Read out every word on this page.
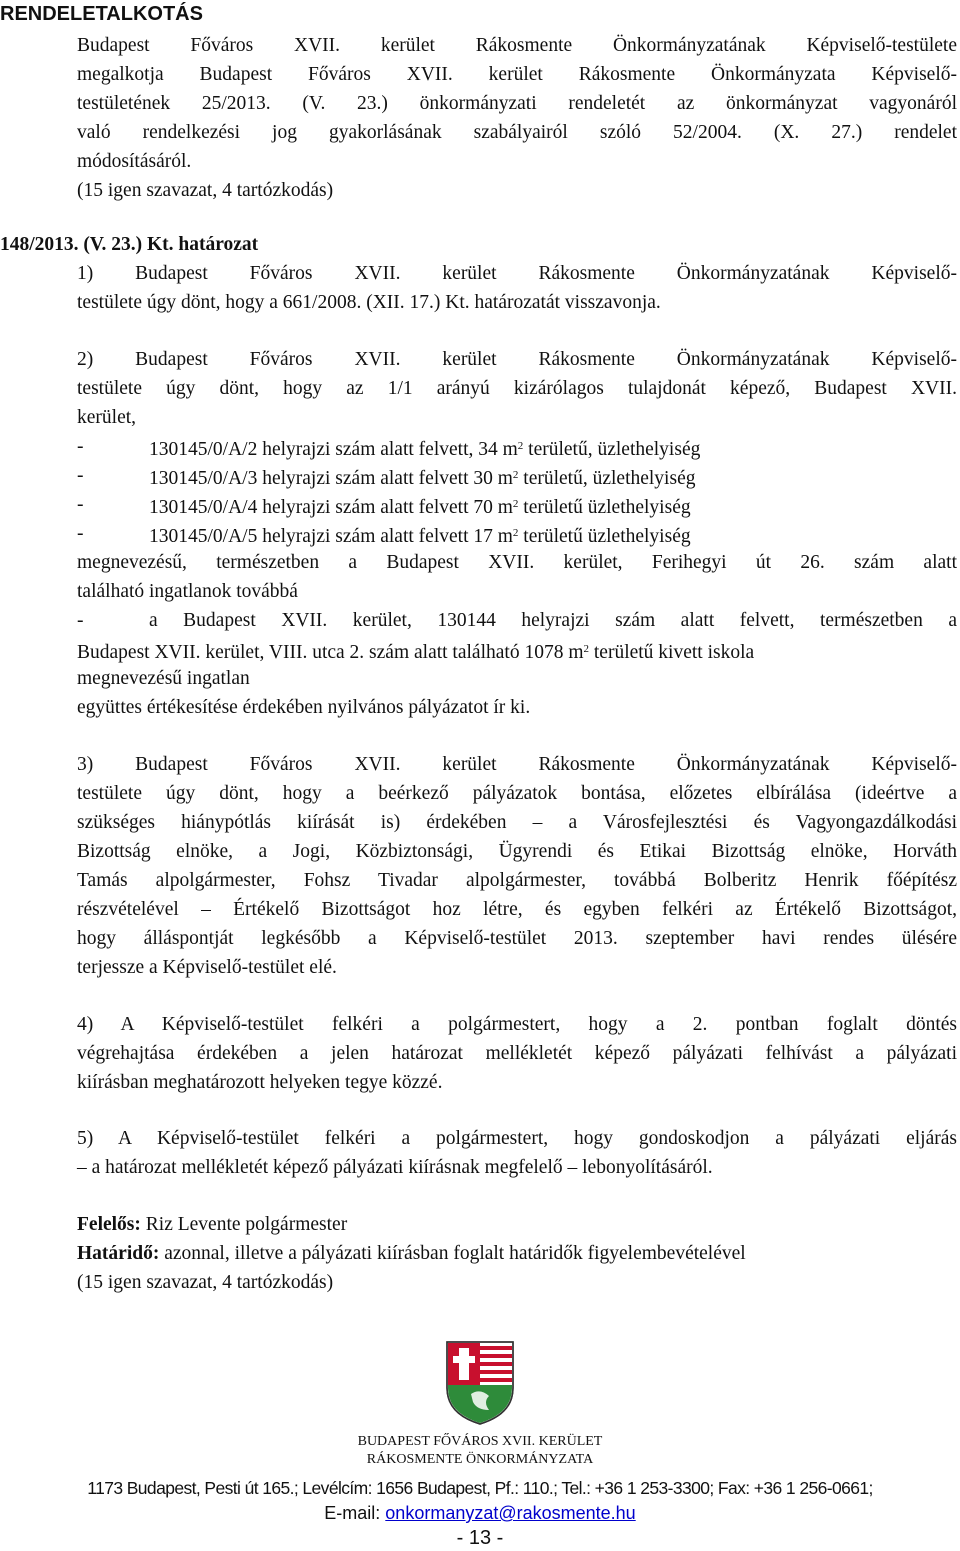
RENDELETALKOTÁS
Budapest Főváros XVII. kerület Rákosmente Önkormányzatának Képviselő-testülete
megalkotja Budapest Főváros XVII. kerület Rákosmente Önkormányzata Képviselő-
testületének 25/2013. (V. 23.) önkormányzati rendeletét az önkormányzat vagyonáról
való rendelkezési jog gyakorlásának szabályairól szóló 52/2004. (X. 27.) rendelet
módosításáról.
(15 igen szavazat, 4 tartózkodás)
148/2013. (V. 23.) Kt. határozat
1) Budapest Főváros XVII. kerület Rákosmente Önkormányzatának Képviselő-
testülete úgy dönt, hogy a 661/2008. (XII. 17.) Kt. határozatát visszavonja.
2) Budapest Főváros XVII. kerület Rákosmente Önkormányzatának Képviselő-
testülete úgy dönt, hogy az 1/1 arányú kizárólagos tulajdonát képező, Budapest XVII.
kerület,
-	130145/0/A/2 helyrajzi szám alatt felvett, 34 $m^2$ területű, üzlethelyiség
-	130145/0/A/3 helyrajzi szám alatt felvett 30 $m^2$ területű, üzlethelyiség
-	130145/0/A/4 helyrajzi szám alatt felvett 70 $m^2$ területű üzlethelyiség
-	130145/0/A/5 helyrajzi szám alatt felvett 17 $m^2$ területű üzlethelyiség
megnevezésű, természetben a Budapest XVII. kerület, Ferihegyi út 26. szám alatt
található ingatlanok továbbá
-	a Budapest XVII. kerület, 130144 helyrajzi szám alatt felvett, természetben a
Budapest XVII. kerület, VIII. utca 2. szám alatt található 1078 $m^2$ területű kivett iskola
megnevezésű ingatlan
együttes értékesítése érdekében nyilvános pályázatot ír ki.
3) Budapest Főváros XVII. kerület Rákosmente Önkormányzatának Képviselő-
testülete úgy dönt, hogy a beérkező pályázatok bontása, előzetes elbírálása (ideértve a
szükséges hiánypótlás kiírását is) érdekében – a Városfejlesztési és Vagyongazdálkodási
Bizottság elnöke, a Jogi, Közbiztonsági, Ügyrendi és Etikai Bizottság elnöke, Horváth
Tamás alpolgármester, Fohsz Tivadar alpolgármester, továbbá Bolberitz Henrik főépítész
részvételével – Értékelő Bizottságot hoz létre, és egyben felkéri az Értékelő Bizottságot,
hogy álláspontját legkésőbb a Képviselő-testület 2013. szeptember havi rendes ülésére
terjessze a Képviselő-testület elé.
4) A Képviselő-testület felkéri a polgármestert, hogy a 2. pontban foglalt döntés
végrehajtása érdekében a jelen határozat mellékletét képező pályázati felhívást a pályázati
kiírásban meghatározott helyeken tegye közzé.
5) A Képviselő-testület felkéri a polgármestert, hogy gondoskodjon a pályázati eljárás
– a határozat mellékletét képező pályázati kiírásnak megfelelő – lebonyolításáról.
Felelős: Riz Levente polgármester
Határidő: azonnal, illetve a pályázati kiírásban foglalt határidők figyelembevételével
(15 igen szavazat, 4 tartózkodás)
BUDAPEST FŐVÁROS XVII. KERÜLET
RÁKOSMENTE ÖNKORMÁNYZATA
1173 Budapest, Pesti út 165.; Levélcím: 1656 Budapest, Pf.: 110.; Tel.: +36 1 253-3300; Fax: +36 1 256-0661;
E-mail: onkormanyzat@rakosmente.hu
- 13 -
